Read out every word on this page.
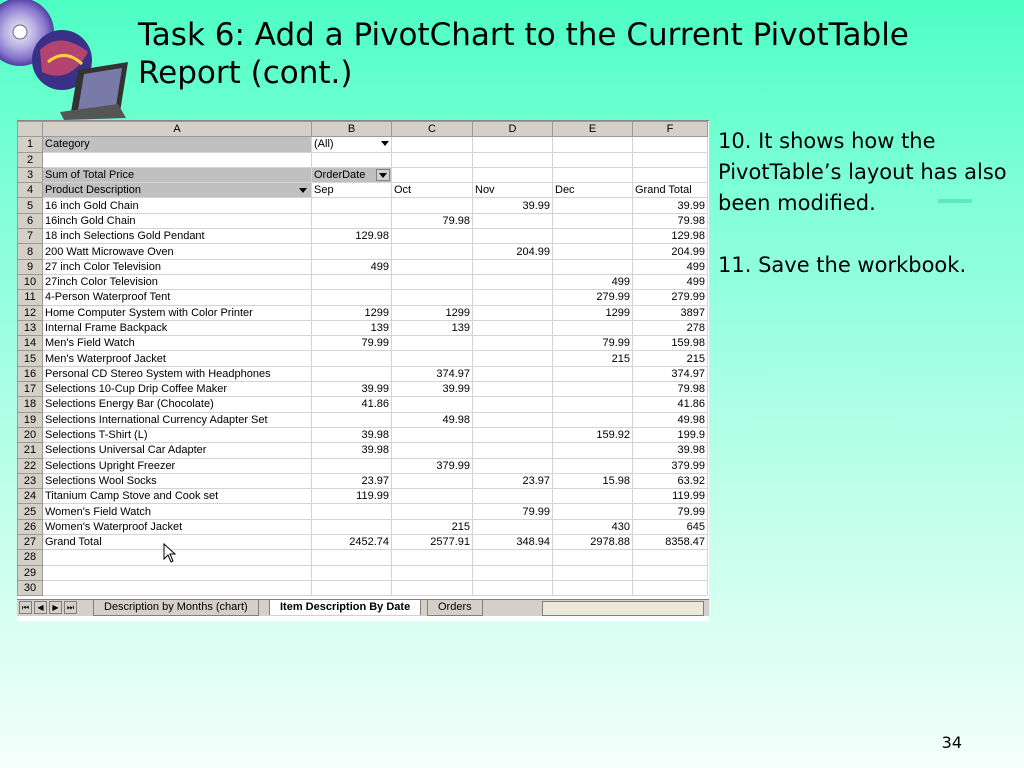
Task 6: Add a PivotChart to the Current PivotTable
Report (cont.)

10. It shows how the PivotTable’s layout has also been modified.

11. Save the workbook.

	A	B	C	D	E	F
1	Category	(All)

2						
3	Sum of Total Price	OrderDate

4	Product Description	Sep	Oct	Nov	Dec	Grand Total
5	16 inch Gold Chain			39.99		39.99
6	16inch Gold Chain		79.98			79.98
7	18 inch Selections Gold Pendant	129.98				129.98
8	200 Watt Microwave Oven			204.99		204.99
9	27 inch Color Television	499				499
10	27inch Color Television				499	499
11	4-Person Waterproof Tent				279.99	279.99
12	Home Computer System with Color Printer	1299	1299		1299	3897
13	Internal Frame Backpack	139	139			278
14	Men's Field Watch	79.99			79.99	159.98
15	Men's Waterproof Jacket				215	215
16	Personal CD Stereo System with Headphones		374.97			374.97
17	Selections 10-Cup Drip Coffee Maker	39.99	39.99			79.98
18	Selections Energy Bar (Chocolate)	41.86				41.86
19	Selections International Currency Adapter Set		49.98			49.98
20	Selections T-Shirt (L)	39.98			159.92	199.9
21	Selections Universal Car Adapter	39.98				39.98
22	Selections Upright Freezer		379.99			379.99
23	Selections Wool Socks	23.97		23.97	15.98	63.92
24	Titanium Camp Stove and Cook set	119.99				119.99
25	Women's Field Watch			79.99		79.99
26	Women's Waterproof Jacket		215		430	645
27	Grand Total	2452.74	2577.91	348.94	2978.88	8358.47
28						
29						
30						
⏮	◀	▶	⏭	Description by Months (chart)	Item Description By Date	Orders
34
